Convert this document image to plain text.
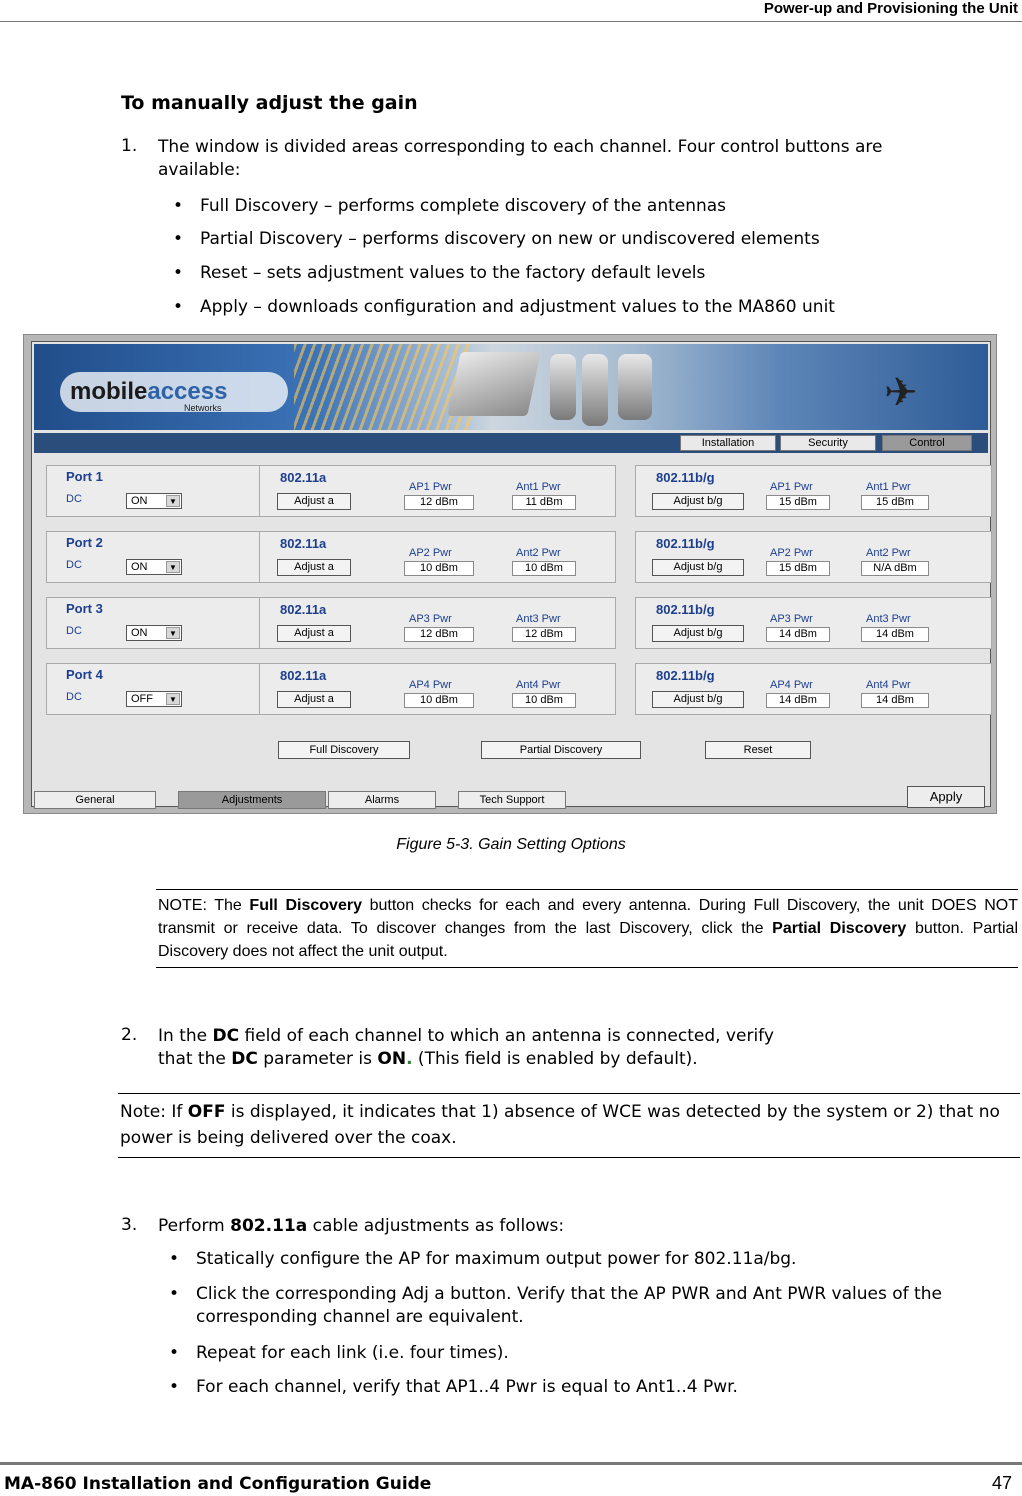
Power-up and Provisioning the Unit
To manually adjust the gain
1. The window is divided areas corresponding to each channel. Four control buttons are
available:
• Full Discovery – performs complete discovery of the antennas
• Partial Discovery – performs discovery on new or undiscovered elements
• Reset – sets adjustment values to the factory default levels
• Apply – downloads configuration and adjustment values to the MA860 unit
mobileaccess
Networks	✈
Installation	Security	Control
Port 1
DC	ON	▼
802.11a
Adjust a
AP1 Pwr	Ant1 Pwr
12 dBm	11 dBm
802.11b/g
Adjust b/g
AP1 Pwr	Ant1 Pwr
15 dBm	15 dBm
Port 2
DC	ON	▼
802.11a
Adjust a
AP2 Pwr	Ant2 Pwr
10 dBm	10 dBm
802.11b/g
Adjust b/g
AP2 Pwr	Ant2 Pwr
15 dBm	N/A dBm
Port 3
DC	ON	▼
802.11a
Adjust a
AP3 Pwr	Ant3 Pwr
12 dBm	12 dBm
802.11b/g
Adjust b/g
AP3 Pwr	Ant3 Pwr
14 dBm	14 dBm
Port 4
DC	OFF	▼
802.11a
Adjust a
AP4 Pwr	Ant4 Pwr
10 dBm	10 dBm
802.11b/g
Adjust b/g
AP4 Pwr	Ant4 Pwr
14 dBm	14 dBm
Full Discovery	Partial Discovery	Reset
General	Adjustments	Alarms	Tech Support	Apply
Figure 5-3. Gain Setting Options
NOTE: The Full Discovery button checks for each and every antenna. During Full Discovery, the unit DOES NOT transmit or receive data. To discover changes from the last Discovery, click the Partial Discovery button. Partial Discovery does not affect the unit output.
2. In the DC field of each channel to which an antenna is connected, verify
that the DC parameter is ON. (This field is enabled by default).
Note: If OFF is displayed, it indicates that 1) absence of WCE was detected by the system or 2) that no power is being delivered over the coax.
3. Perform 802.11a cable adjustments as follows:
• Statically configure the AP for maximum output power for 802.11a/bg.
• Click the corresponding Adj a button. Verify that the AP PWR and Ant PWR values of the
corresponding channel are equivalent.
• Repeat for each link (i.e. four times).
• For each channel, verify that AP1..4 Pwr is equal to Ant1..4 Pwr.
MA-860 Installation and Configuration Guide	47
